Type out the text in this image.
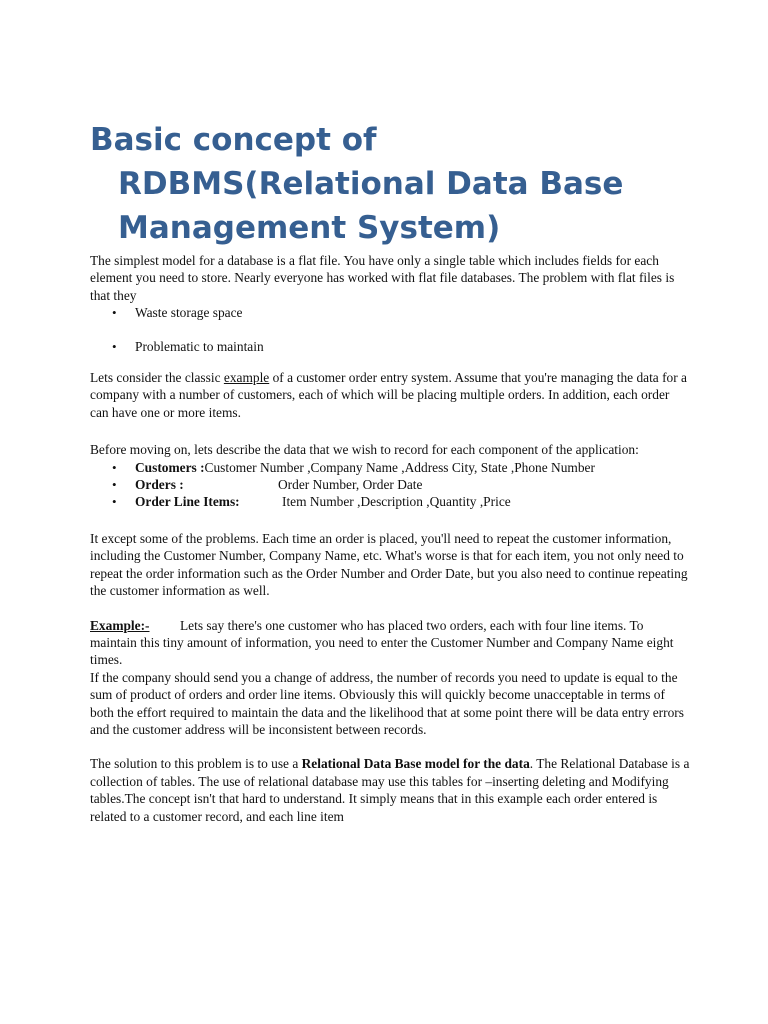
Basic concept of
RDBMS(Relational Data Base
Management System)

The simplest model for a database is a flat file. You have only a single table which includes fields for each element you need to store. Nearly everyone has worked with flat file databases. The problem with flat files is that they

• Waste storage space
• Problematic to maintain

Lets consider the classic example of a customer order entry system. Assume that you're managing the data for a company with a number of customers, each of which will be placing multiple orders. In addition, each order can have one or more items.

Before moving on, lets describe the data that we wish to record for each component of the application:

• Customers :Customer Number ,Company Name ,Address City, State ,Phone Number
• Orders :	Order Number, Order Date
• Order Line Items:	Item Number ,Description ,Quantity ,Price

It except some of the problems. Each time an order is placed, you'll need to repeat the customer information, including the Customer Number, Company Name, etc. What's worse is that for each item, you not only need to repeat the order information such as the Order Number and Order Date, but you also need to continue repeating the customer information as well.

Example:- Lets say there's one customer who has placed two orders, each with four line items. To maintain this tiny amount of information, you need to enter the Customer Number and Company Name eight times.

If the company should send you a change of address, the number of records you need to update is equal to the sum of product of orders and order line items. Obviously this will quickly become unacceptable in terms of both the effort required to maintain the data and the likelihood that at some point there will be data entry errors and the customer address will be inconsistent between records.

The solution to this problem is to use a Relational Data Base model for the data. The Relational Database is a collection of tables. The use of relational database may use this tables for –inserting deleting and Modifying tables.The concept isn't that hard to understand. It simply means that in this example each order entered is related to a customer record, and each line item
